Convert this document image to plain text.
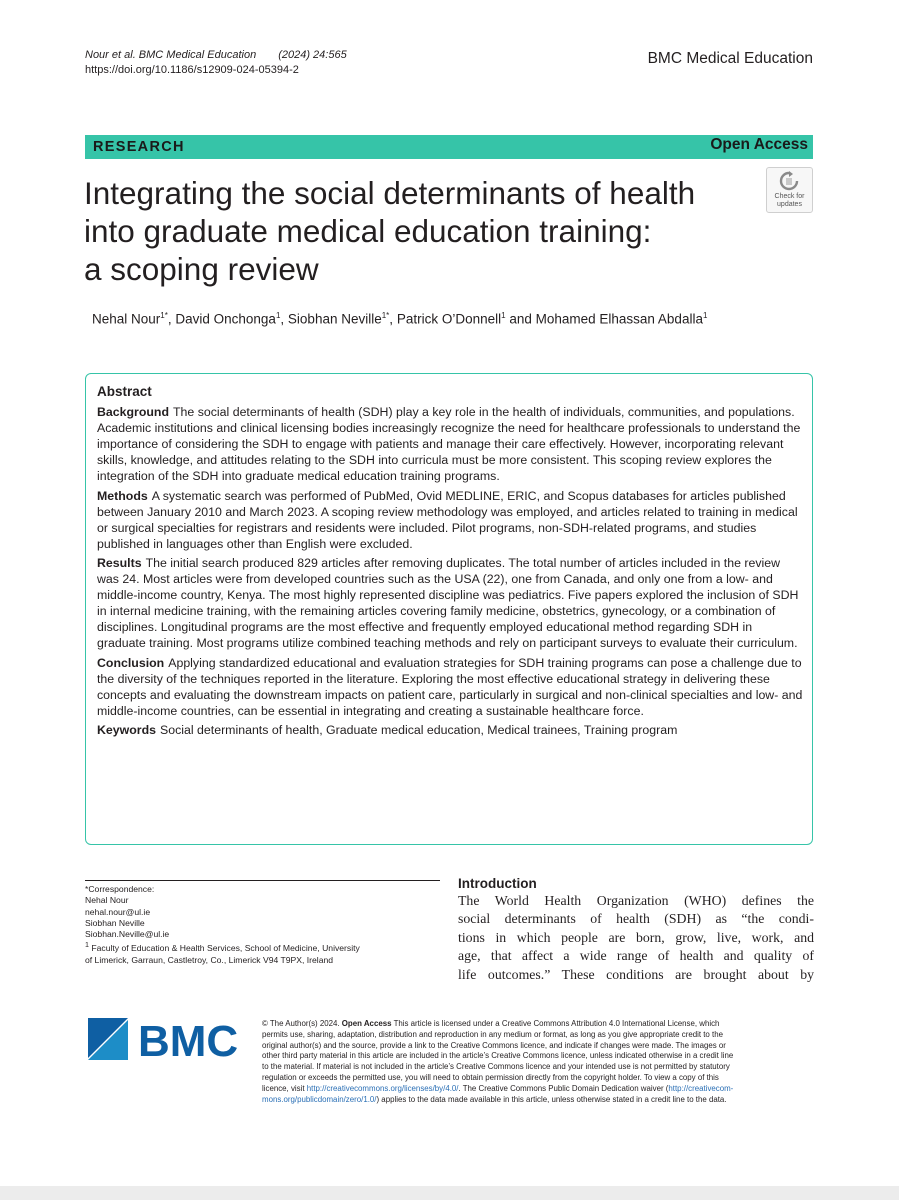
Nour et al. BMC Medical Education (2024) 24:565
https://doi.org/10.1186/s12909-024-05394-2
BMC Medical Education
RESEARCH	Open Access
Integrating the social determinants of health
into graduate medical education training:
a scoping review
Check for
updates
Nehal Nour$^{1*}$, David Onchonga$^1$, Siobhan Neville$^{1*}$, Patrick O’Donnell$^1$ and Mohamed Elhassan Abdalla$^1$
Abstract

Background The social determinants of health (SDH) play a key role in the health of individuals, communities, and populations. Academic institutions and clinical licensing bodies increasingly recognize the need for healthcare professionals to understand the importance of considering the SDH to engage with patients and manage their care effectively. However, incorporating relevant skills, knowledge, and attitudes relating to the SDH into curricula must be more consistent. This scoping review explores the integration of the SDH into graduate medical education training programs.

Methods A systematic search was performed of PubMed, Ovid MEDLINE, ERIC, and Scopus databases for articles published between January 2010 and March 2023. A scoping review methodology was employed, and articles related to training in medical or surgical specialties for registrars and residents were included. Pilot programs, non-SDH-related programs, and studies published in languages other than English were excluded.

Results The initial search produced 829 articles after removing duplicates. The total number of articles included in the review was 24. Most articles were from developed countries such as the USA (22), one from Canada, and only one from a low- and middle-income country, Kenya. The most highly represented discipline was pediatrics. Five papers explored the inclusion of SDH in internal medicine training, with the remaining articles covering family medicine, obstetrics, gynecology, or a combination of disciplines. Longitudinal programs are the most effective and frequently employed educational method regarding SDH in graduate training. Most programs utilize combined teaching methods and rely on participant surveys to evaluate their curriculum.

Conclusion Applying standardized educational and evaluation strategies for SDH training programs can pose a challenge due to the diversity of the techniques reported in the literature. Exploring the most effective educational strategy in delivering these concepts and evaluating the downstream impacts on patient care, particularly in surgical and non-clinical specialties and low- and middle-income countries, can be essential in integrating and creating a sustainable healthcare force.

Keywords Social determinants of health, Graduate medical education, Medical trainees, Training program

*Correspondence:
Nehal Nour
nehal.nour@ul.ie
Siobhan Neville
Siobhan.Neville@ul.ie
$^1$ Faculty of Education & Health Services, School of Medicine, University
of Limerick, Garraun, Castletroy, Co., Limerick V94 T9PX, Ireland
Introduction
The World Health Organization (WHO) defines the
social determinants of health (SDH) as “the condi-
tions in which people are born, grow, live, work, and
age, that affect a wide range of health and quality of
life outcomes.” These conditions are brought about by
BMC	© The Author(s) 2024. Open Access This article is licensed under a Creative Commons Attribution 4.0 International License, which
permits use, sharing, adaptation, distribution and reproduction in any medium or format, as long as you give appropriate credit to the
original author(s) and the source, provide a link to the Creative Commons licence, and indicate if changes were made. The images or
other third party material in this article are included in the article’s Creative Commons licence, unless indicated otherwise in a credit line
to the material. If material is not included in the article’s Creative Commons licence and your intended use is not permitted by statutory
regulation or exceeds the permitted use, you will need to obtain permission directly from the copyright holder. To view a copy of this
licence, visit http://creativecommons.org/licenses/by/4.0/. The Creative Commons Public Domain Dedication waiver (http://creativecom-
mons.org/publicdomain/zero/1.0/) applies to the data made available in this article, unless otherwise stated in a credit line to the data.
